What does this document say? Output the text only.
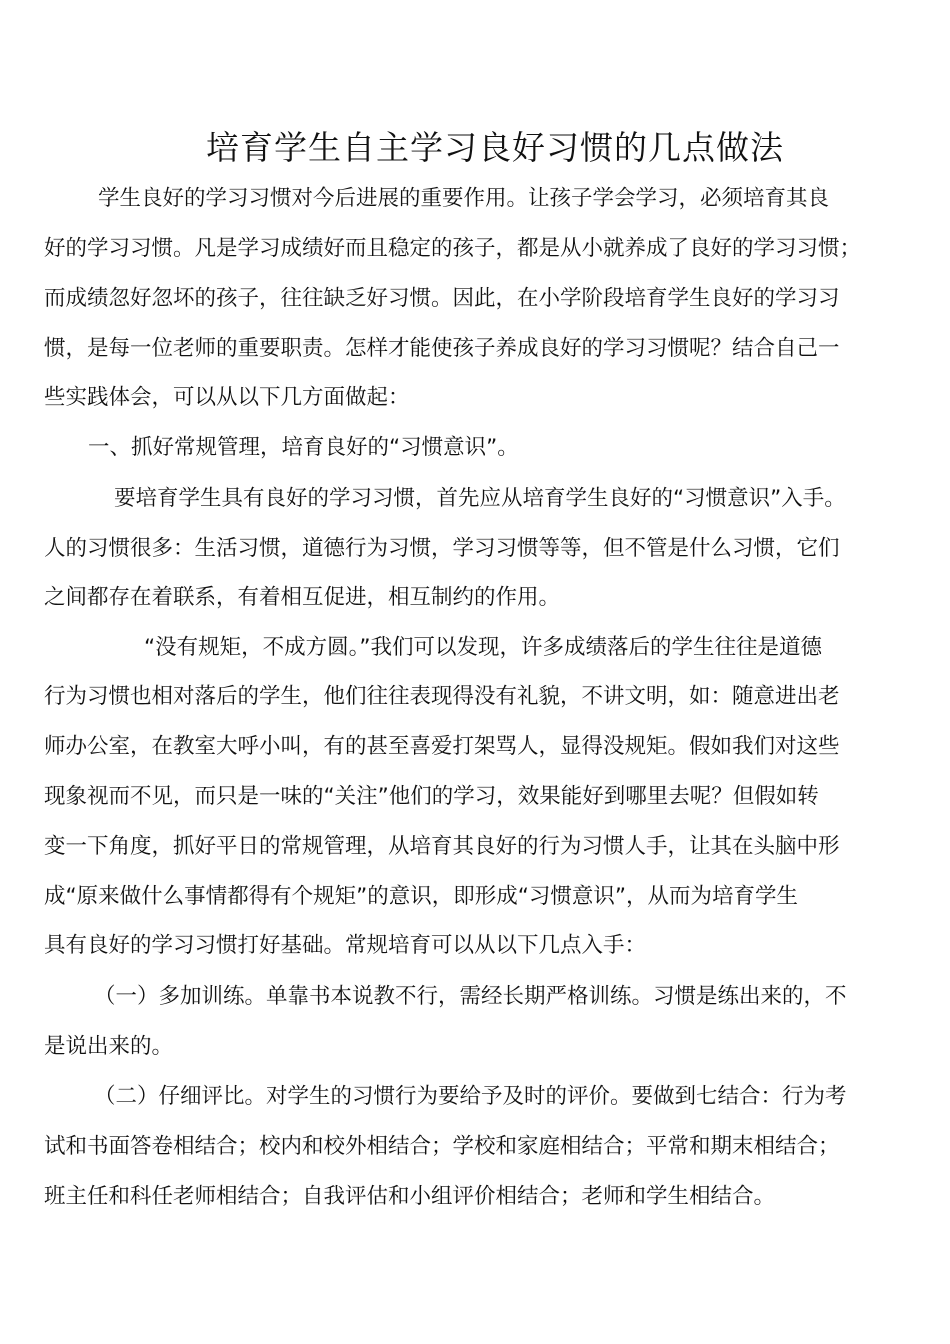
培育学生自主学习良好习惯的几点做法
学生良好的学习习惯对今后进展的重要作用。让孩子学会学习，必须培育其良
好的学习习惯。凡是学习成绩好而且稳定的孩子，都是从小就养成了良好的学习习惯；
而成绩忽好忽坏的孩子，往往缺乏好习惯。因此，在小学阶段培育学生良好的学习习
惯，是每一位老师的重要职责。怎样才能使孩子养成良好的学习习惯呢？结合自己一
些实践体会，可以从以下几方面做起：
一、抓好常规管理，培育良好的“习惯意识”。
要培育学生具有良好的学习习惯，首先应从培育学生良好的“习惯意识”入手。
人的习惯很多：生活习惯，道德行为习惯，学习习惯等等，但不管是什么习惯，它们
之间都存在着联系，有着相互促进，相互制约的作用。
“没有规矩，不成方圆。”我们可以发现，许多成绩落后的学生往往是道德
行为习惯也相对落后的学生，他们往往表现得没有礼貌，不讲文明，如：随意进出老
师办公室，在教室大呼小叫，有的甚至喜爱打架骂人，显得没规矩。假如我们对这些
现象视而不见，而只是一味的“关注”他们的学习，效果能好到哪里去呢？但假如转
变一下角度，抓好平日的常规管理，从培育其良好的行为习惯人手，让其在头脑中形
成“原来做什么事情都得有个规矩”的意识，即形成“习惯意识”，从而为培育学生
具有良好的学习习惯打好基础。常规培育可以从以下几点入手：
（一）多加训练。单靠书本说教不行，需经长期严格训练。习惯是练出来的，不
是说出来的。
（二）仔细评比。对学生的习惯行为要给予及时的评价。要做到七结合：行为考
试和书面答卷相结合；校内和校外相结合；学校和家庭相结合；平常和期末相结合；
班主任和科任老师相结合；自我评估和小组评价相结合；老师和学生相结合。
